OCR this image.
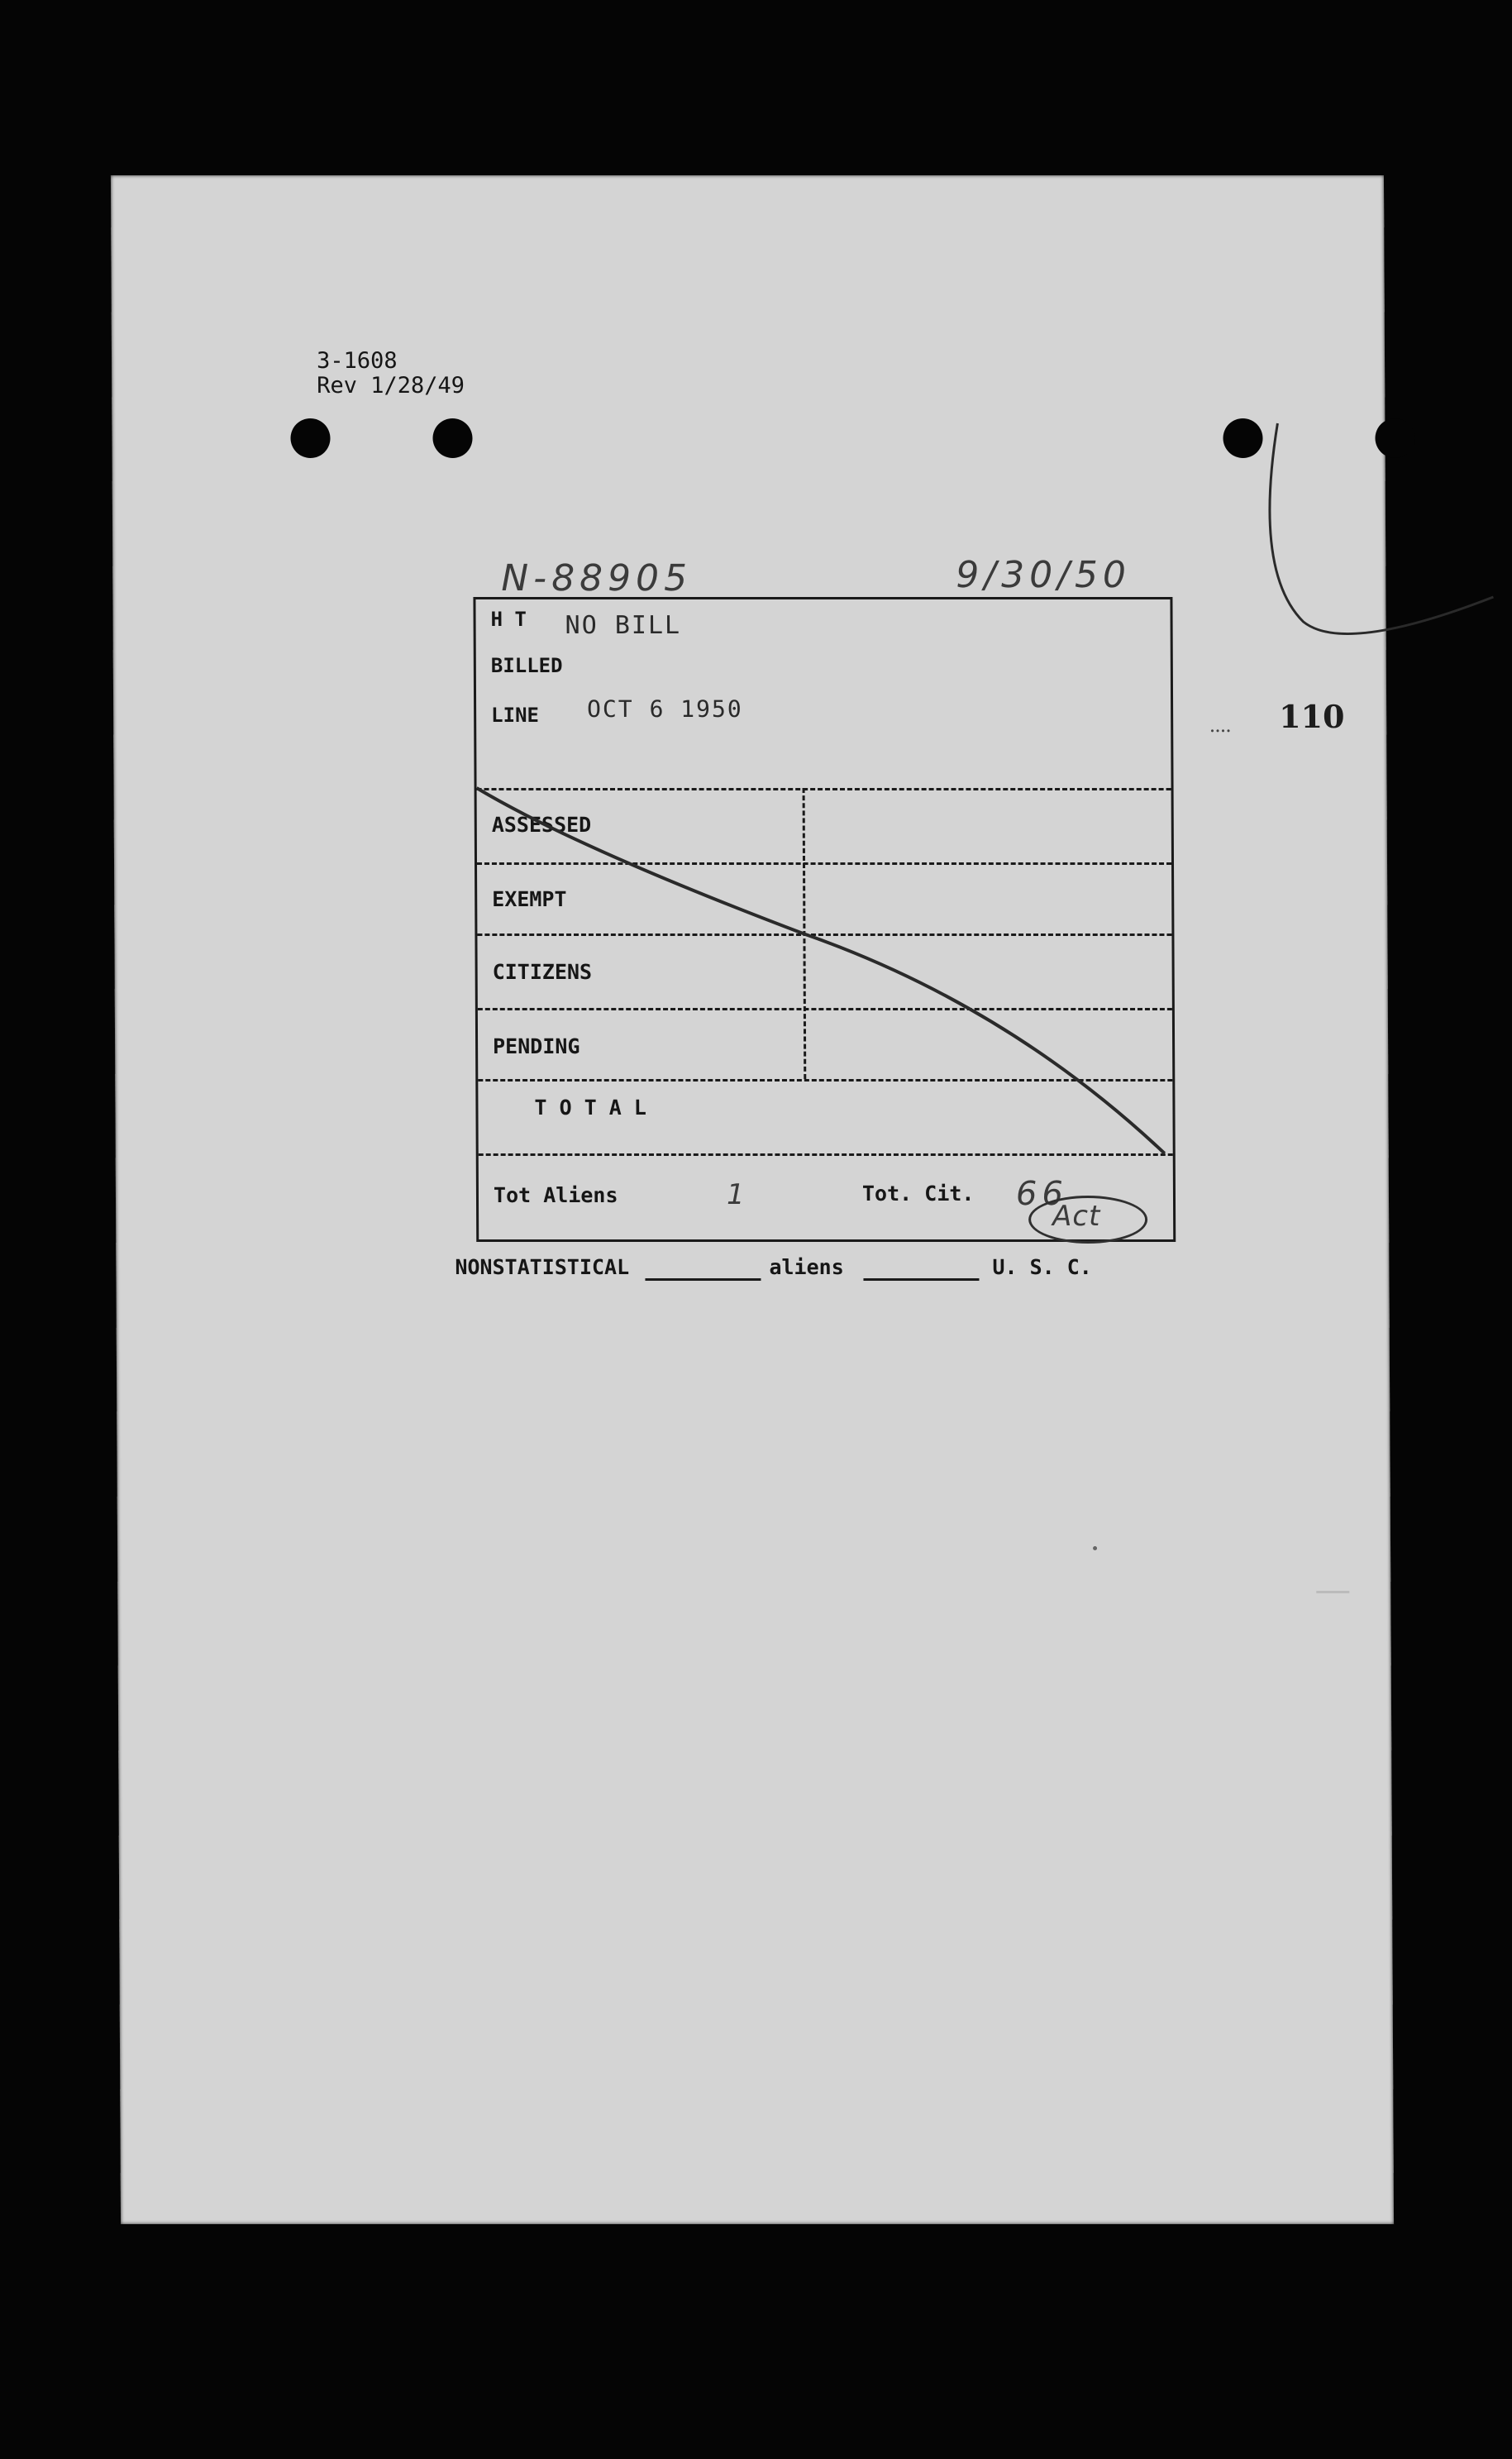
3-1608
Rev 1/28/49
.... 110
N-88905	9/30/50
H T NO BILL
BILLED
LINE OCT 6 1950
ASSESSED
EXEMPT
CITIZENS
PENDING
T O T A L
Tot Aliens	1	Tot. Cit. 66
Act
NONSTATISTICAL	aliens	U. S. C.
